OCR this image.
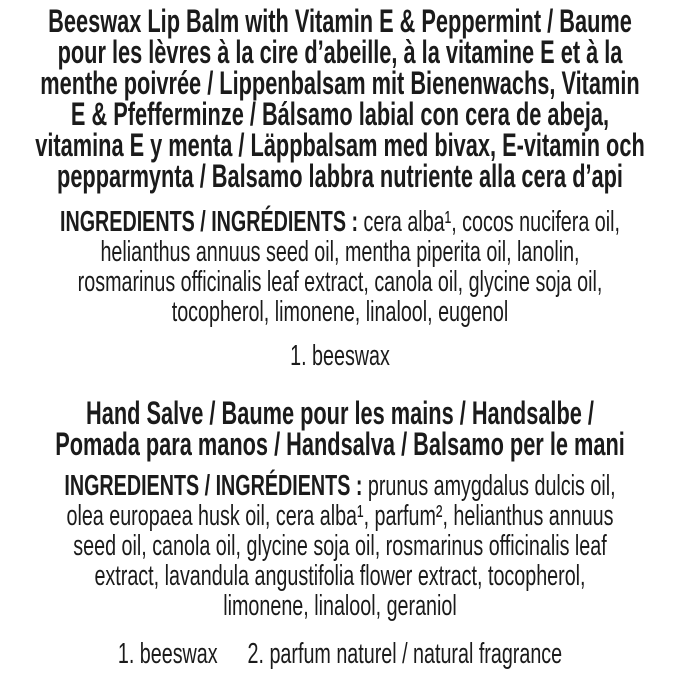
Beeswax Lip Balm with Vitamin E & Peppermint / Baume
pour les lèvres à la cire d’abeille, à la vitamine E et à la
menthe poivrée / Lippenbalsam mit Bienenwachs, Vitamin
E & Pfefferminze / Bálsamo labial con cera de abeja,
vitamina E y menta / Läppbalsam med bivax, E-vitamin och
pepparmynta / Balsamo labbra nutriente alla cera d’api

INGREDIENTS / INGRÉDIENTS : cera alba¹, cocos nucifera oil,
helianthus annuus seed oil, mentha piperita oil, lanolin,
rosmarinus officinalis leaf extract, canola oil, glycine soja oil,
tocopherol, limonene, linalool, eugenol

1. beeswax

Hand Salve / Baume pour les mains / Handsalbe /
Pomada para manos / Handsalva / Balsamo per le mani

INGREDIENTS / INGRÉDIENTS : prunus amygdalus dulcis oil,
olea europaea husk oil, cera alba¹, parfum², helianthus annuus
seed oil, canola oil, glycine soja oil, rosmarinus officinalis leaf
extract, lavandula angustifolia flower extract, tocopherol,
limonene, linalool, geraniol

1. beeswax 2. parfum naturel / natural fragrance
